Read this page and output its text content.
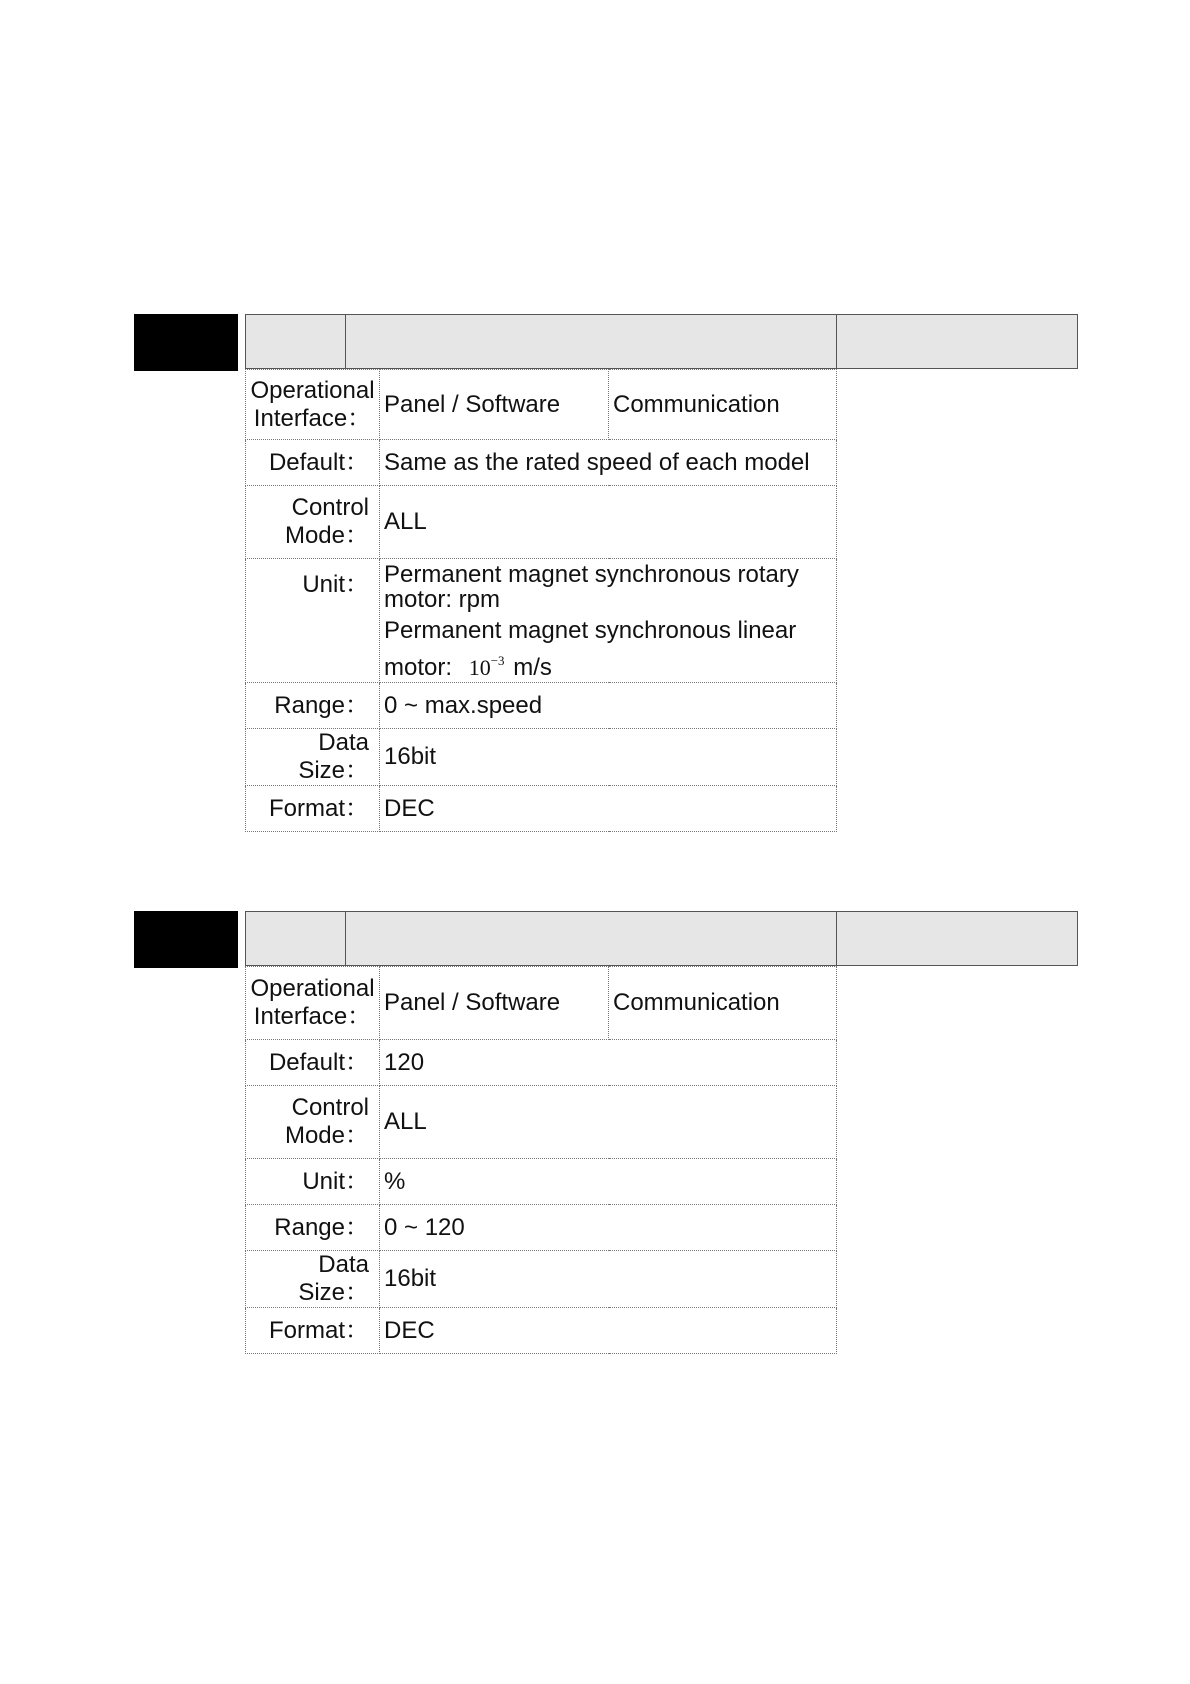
Operational
Interface：	Panel / Software	Communication
Default：	Same as the rated speed of each model	

Control
Mode：	ALL	
Unit：	Permanent magnet synchronous rotary
motor: rpm
Permanent magnet synchronous linear
motor: $10^{-3}$ m/s	

Range：	0 ~ max.speed	
Data Size：	16bit	
Format：	DEC	
Operational
Interface：	Panel / Software	Communication
Default：	120	

Control
Mode：	ALL	
Unit：	%	
Range：	0 ~ 120	
Data Size：	16bit	
Format：	DEC	
